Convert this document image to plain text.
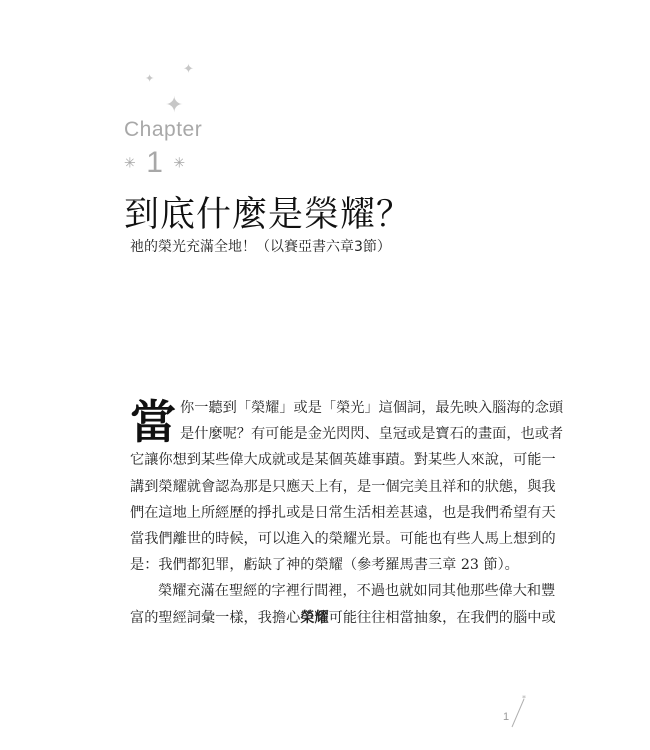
✦
✦
✦
Chapter
✳ 1 ✳
到底什麼是榮耀？
祂的榮光充滿全地！（以賽亞書六章3節）

當 你一聽到「榮耀」或是「榮光」這個詞，最先映入腦海的念頭
是什麼呢？有可能是金光閃閃、皇冠或是寶石的畫面，也或者
它讓你想到某些偉大成就或是某個英雄事蹟。對某些人來說，可能一
講到榮耀就會認為那是只應天上有，是一個完美且祥和的狀態，與我
們在這地上所經歷的掙扎或是日常生活相差甚遠，也是我們希望有天
當我們離世的時候，可以進入的榮耀光景。可能也有些人馬上想到的
是：我們都犯罪，虧缺了神的榮耀（參考羅馬書三章 23 節）。

榮耀充滿在聖經的字裡行間裡，不過也就如同其他那些偉大和豐
富的聖經詞彙一樣，我擔心榮耀可能往往相當抽象，在我們的腦中或

*
1
